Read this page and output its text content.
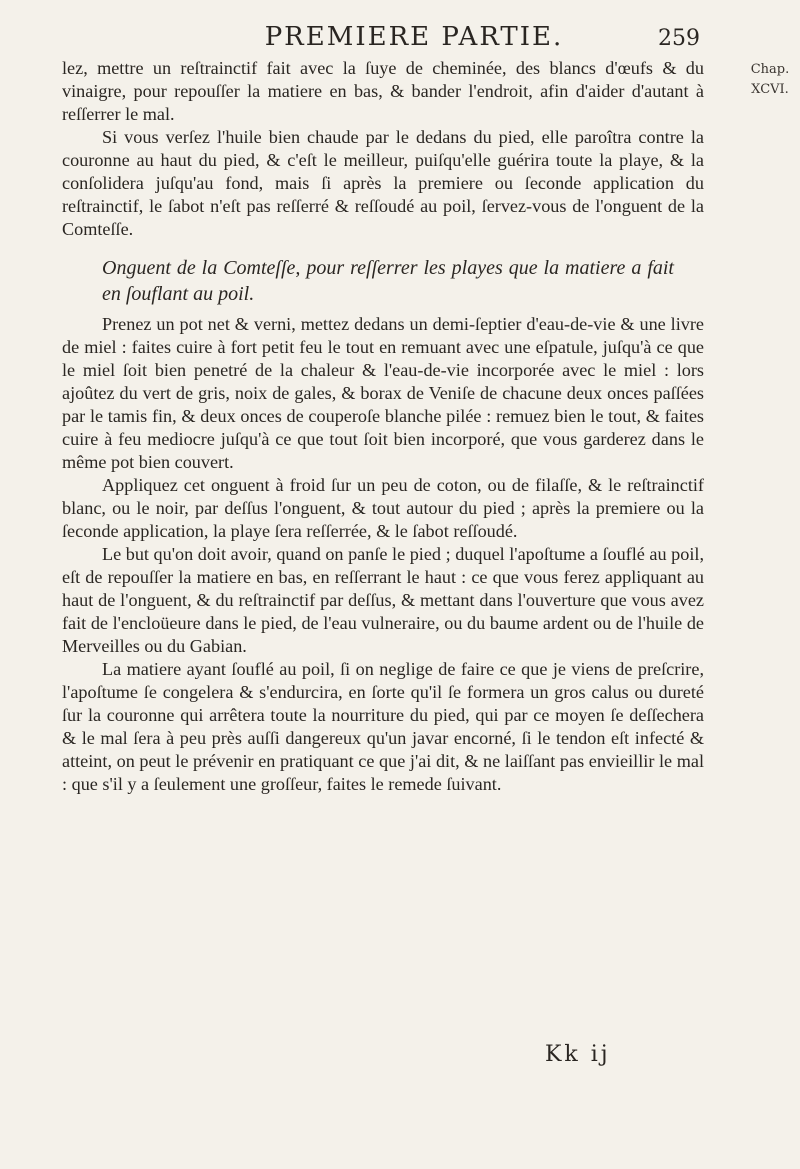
PREMIERE PARTIE.	259
Chap.
XCVI.

lez, mettre un reſtrainctif fait avec la ſuye de cheminée, des blancs d'œufs & du vinaigre, pour repouſſer la matiere en bas, & bander l'endroit, afin d'aider d'autant à reſſerrer le mal.

Si vous verſez l'huile bien chaude par le dedans du pied, elle paroîtra contre la couronne au haut du pied, & c'eſt le meilleur, puiſqu'elle guérira toute la playe, & la conſolidera juſqu'au fond, mais ſi après la premiere ou ſeconde application du reſtrainctif, le ſabot n'eſt pas reſſerré & reſſoudé au poil, ſervez-vous de l'onguent de la Comteſſe.

Onguent de la Comteſſe, pour reſſerrer les playes que la matiere a fait en ſouflant au poil.

Prenez un pot net & verni, mettez dedans un demi-ſeptier d'eau-de-vie & une livre de miel : faites cuire à fort petit feu le tout en remuant avec une eſpatule, juſqu'à ce que le miel ſoit bien penetré de la chaleur & l'eau-de-vie incorporée avec le miel : lors ajoûtez du vert de gris, noix de gales, & borax de Veniſe de chacune deux onces paſſées par le tamis fin, & deux onces de couperoſe blanche pilée : remuez bien le tout, & faites cuire à feu mediocre juſqu'à ce que tout ſoit bien incorporé, que vous garderez dans le même pot bien couvert.

Appliquez cet onguent à froid ſur un peu de coton, ou de filaſſe, & le reſtrainctif blanc, ou le noir, par deſſus l'onguent, & tout autour du pied ; après la premiere ou la ſeconde application, la playe ſera reſſerrée, & le ſabot reſſoudé.

Le but qu'on doit avoir, quand on panſe le pied ; duquel l'apoſtume a ſouflé au poil, eſt de repouſſer la matiere en bas, en reſſerrant le haut : ce que vous ferez appliquant au haut de l'onguent, & du reſtrainctif par deſſus, & mettant dans l'ouverture que vous avez fait de l'encloüeure dans le pied, de l'eau vulneraire, ou du baume ardent ou de l'huile de Merveilles ou du Gabian.

La matiere ayant ſouflé au poil, ſi on neglige de faire ce que je viens de preſcrire, l'apoſtume ſe congelera & s'endurcira, en ſorte qu'il ſe formera un gros calus ou dureté ſur la couronne qui arrêtera toute la nourriture du pied, qui par ce moyen ſe deſſechera & le mal ſera à peu près auſſi dangereux qu'un javar encorné, ſi le tendon eſt infecté & atteint, on peut le prévenir en pratiquant ce que j'ai dit, & ne laiſſant pas envieillir le mal : que s'il y a ſeulement une groſſeur, faites le remede ſuivant.

Kk ij
